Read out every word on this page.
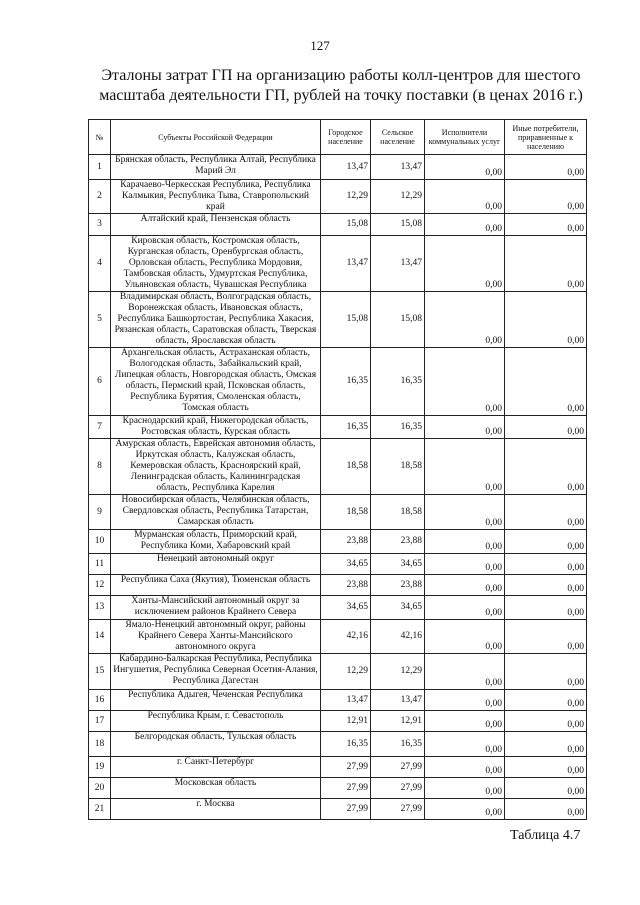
127
Эталоны затрат ГП на организацию работы колл-центров для шестого масштаба деятельности ГП, рублей на точку поставки (в ценах 2016 г.)
№	Субъекты Российской Федерации	Городское население	Сельское население	Исполнители коммунальных услуг	Иные потребители, приравненные к населению
1	Брянская область, Республика Алтай, Республика Марий Эл	13,47	13,47	0,00	0,00
2	Карачаево-Черкесская Республика, Республика Калмыкия, Республика Тыва, Ставропольский край	12,29	12,29	0,00	0,00
3	Алтайский край, Пензенская область	15,08	15,08	0,00	0,00
4	Кировская область, Костромская область, Курганская область, Оренбургская область, Орловская область, Республика Мордовия, Тамбовская область, Удмуртская Республика, Ульяновская область, Чувашская Республика	13,47	13,47	0,00	0,00
5	Владимирская область, Волгоградская область, Воронежская область, Ивановская область, Республика Башкортостан, Республика Хакасия, Рязанская область, Саратовская область, Тверская область, Ярославская область	15,08	15,08	0,00	0,00
6	Архангельская область, Астраханская область, Вологодская область, Забайкальский край, Липецкая область, Новгородская область, Омская область, Пермский край, Псковская область, Республика Бурятия, Смоленская область, Томская область	16,35	16,35	0,00	0,00
7	Краснодарский край, Нижегородская область, Ростовская область, Курская область	16,35	16,35	0,00	0,00
8	Амурская область, Еврейская автономия область, Иркутская область, Калужская область, Кемеровская область, Красноярский край, Ленинградская область, Калининградская область, Республика Карелия	18,58	18,58	0,00	0,00
9	Новосибирская область, Челябинская область, Свердловская область, Республика Татарстан, Самарская область	18,58	18,58	0,00	0,00
10	Мурманская область, Приморский край, Республика Коми, Хабаровский край	23,88	23,88	0,00	0,00
11	Ненецкий автономный округ	34,65	34,65	0,00	0,00
12	Республика Саха (Якутия), Тюменская область	23,88	23,88	0,00	0,00
13	Ханты-Мансийский автономный округ за исключением районов Крайнего Севера	34,65	34,65	0,00	0,00
14	Ямало-Ненецкий автономный округ, районы Крайнего Севера Ханты-Мансийского автономного округа	42,16	42,16	0,00	0,00
15	Кабардино-Балкарская Республика, Республика Ингушетия, Республика Северная Осетия-Алания, Республика Дагестан	12,29	12,29	0,00	0,00
16	Республика Адыгея, Чеченская Республика	13,47	13,47	0,00	0,00
17	Республика Крым, г. Севастополь	12,91	12,91	0,00	0,00
18	Белгородская область, Тульская область	16,35	16,35	0,00	0,00
19	г. Санкт-Петербург	27,99	27,99	0,00	0,00
20	Московская область	27,99	27,99	0,00	0,00
21	г. Москва	27,99	27,99	0,00	0,00
Таблица 4.7
